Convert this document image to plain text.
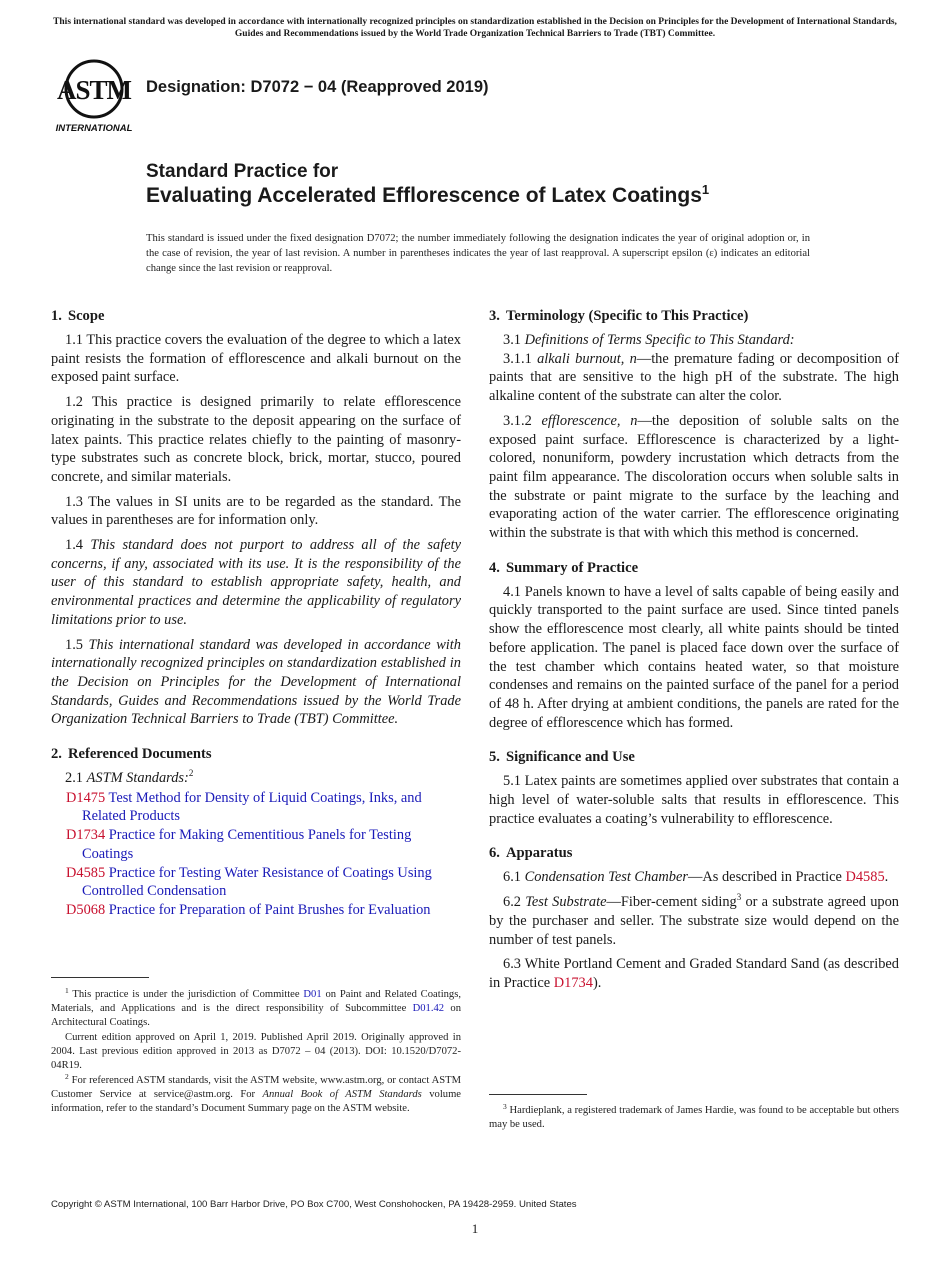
This international standard was developed in accordance with internationally recognized principles on standardization established in the Decision on Principles for the Development of International Standards, Guides and Recommendations issued by the World Trade Organization Technical Barriers to Trade (TBT) Committee.
ASTM
INTERNATIONAL
Designation: D7072 − 04 (Reapproved 2019)
Standard Practice for
Evaluating Accelerated Efflorescence of Latex Coatings$^1$
This standard is issued under the fixed designation D7072; the number immediately following the designation indicates the year of original adoption or, in the case of revision, the year of last revision. A number in parentheses indicates the year of last reapproval. A superscript epsilon (ε) indicates an editorial change since the last revision or reapproval.
1. Scope

1.1 This practice covers the evaluation of the degree to which a latex paint resists the formation of efflorescence and alkali burnout on the exposed paint surface.

1.2 This practice is designed primarily to relate efflorescence originating in the substrate to the deposit appearing on the surface of latex paints. This practice relates chiefly to the painting of masonry-type substrates such as concrete block, brick, mortar, stucco, poured concrete, and similar materials.

1.3 The values in SI units are to be regarded as the standard. The values in parentheses are for information only.

1.4 This standard does not purport to address all of the safety concerns, if any, associated with its use. It is the responsibility of the user of this standard to establish appropriate safety, health, and environmental practices and determine the applicability of regulatory limitations prior to use.

1.5 This international standard was developed in accordance with internationally recognized principles on standardization established in the Decision on Principles for the Development of International Standards, Guides and Recommendations issued by the World Trade Organization Technical Barriers to Trade (TBT) Committee.

2. Referenced Documents

2.1 ASTM Standards:$^2$

D1475 Test Method for Density of Liquid Coatings, Inks, and Related Products
D1734 Practice for Making Cementitious Panels for Testing Coatings
D4585 Practice for Testing Water Resistance of Coatings Using Controlled Condensation
D5068 Practice for Preparation of Paint Brushes for Evaluation

$^1$ This practice is under the jurisdiction of Committee D01 on Paint and Related Coatings, Materials, and Applications and is the direct responsibility of Subcommittee D01.42 on Architectural Coatings.

Current edition approved on April 1, 2019. Published April 2019. Originally approved in 2004. Last previous edition approved in 2013 as D7072 – 04 (2013). DOI: 10.1520/D7072-04R19.

$^2$ For referenced ASTM standards, visit the ASTM website, www.astm.org, or contact ASTM Customer Service at service@astm.org. For Annual Book of ASTM Standards volume information, refer to the standard’s Document Summary page on the ASTM website.

3. Terminology (Specific to This Practice)

3.1 Definitions of Terms Specific to This Standard:

3.1.1 alkali burnout, n—the premature fading or decomposition of paints that are sensitive to the high pH of the substrate. The high alkaline content of the substrate can alter the color.

3.1.2 efflorescence, n—the deposition of soluble salts on the exposed paint surface. Efflorescence is characterized by a light-colored, nonuniform, powdery incrustation which detracts from the paint film appearance. The discoloration occurs when soluble salts in the substrate or paint migrate to the surface by the leaching and evaporating action of the water carrier. The efflorescence originating within the substrate is that with which this method is concerned.

4. Summary of Practice

4.1 Panels known to have a level of salts capable of being easily and quickly transported to the paint surface are used. Since tinted panels show the efflorescence most clearly, all white paints should be tinted before application. The panel is placed face down over the surface of the test chamber which contains heated water, so that moisture condenses and remains on the painted surface of the panel for a period of 48 h. After drying at ambient conditions, the panels are rated for the degree of efflorescence which has formed.

5. Significance and Use

5.1 Latex paints are sometimes applied over substrates that contain a high level of water-soluble salts that results in efflorescence. This practice evaluates a coating’s vulnerability to efflorescence.

6. Apparatus

6.1 Condensation Test Chamber—As described in Practice D4585.

6.2 Test Substrate—Fiber-cement siding$^3$ or a substrate agreed upon by the purchaser and seller. The substrate size would depend on the number of test panels.

6.3 White Portland Cement and Graded Standard Sand (as described in Practice D1734).

$^3$ Hardieplank, a registered trademark of James Hardie, was found to be acceptable but others may be used.

Copyright © ASTM International, 100 Barr Harbor Drive, PO Box C700, West Conshohocken, PA 19428-2959. United States
1
